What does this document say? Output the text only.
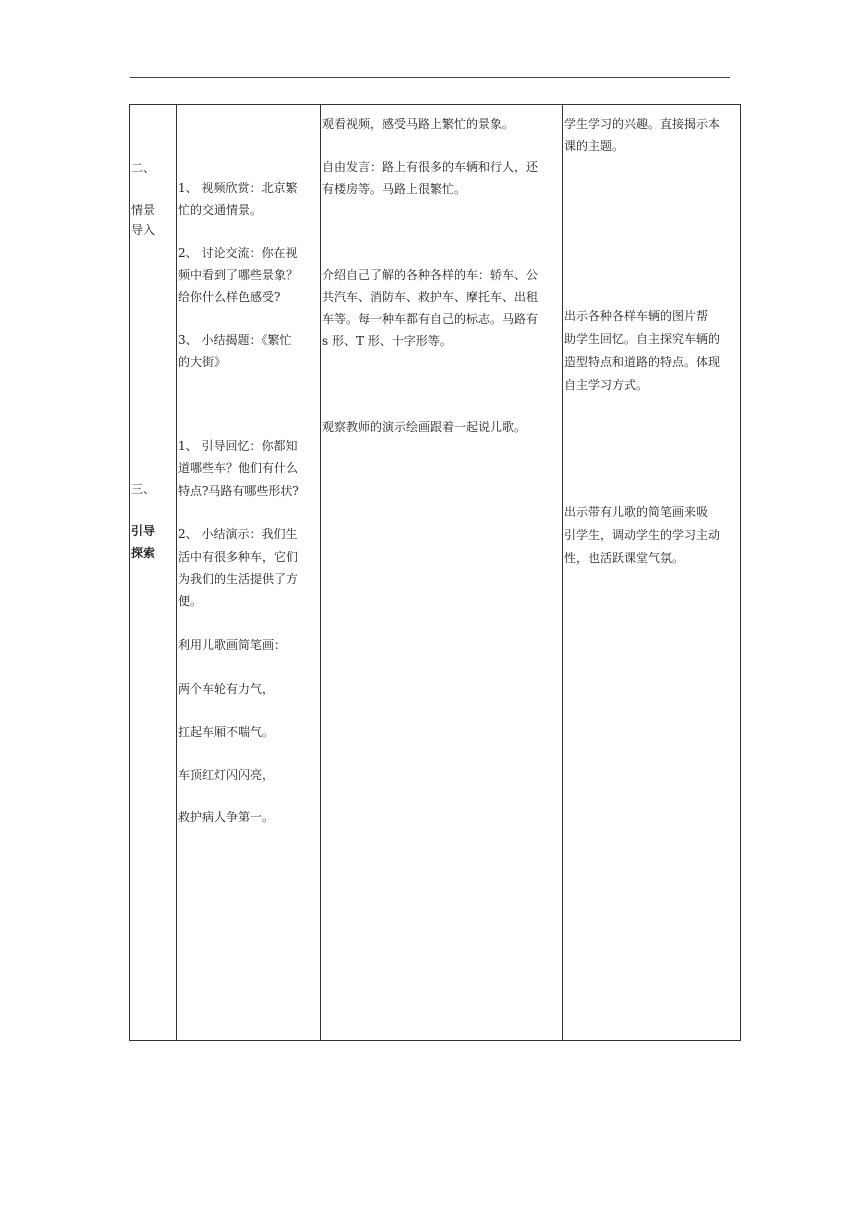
二、
情景
导入
三、
引导
探索
1、 视频欣赏：北京繁
忙的交通情景。
2、 讨论交流：你在视
频中看到了哪些景象？
给你什么样色感受?
3、 小结揭题：《繁忙
的大街》
1、 引导回忆：你都知
道哪些车？他们有什么
特点?马路有哪些形状?
2、 小结演示：我们生
活中有很多种车，它们
为我们的生活提供了方
便。
利用儿歌画简笔画：
两个车轮有力气，
扛起车厢不喘气。
车顶红灯闪闪亮，
救护病人争第一。
观看视频，感受马路上繁忙的景象。
自由发言：路上有很多的车辆和行人，还
有楼房等。马路上很繁忙。
介绍自己了解的各种各样的车：轿车、公
共汽车、消防车、救护车、摩托车、出租
车等。每一种车都有自己的标志。马路有
s 形、T 形、十字形等。
观察教师的演示绘画跟着一起说儿歌。
学生学习的兴趣。直接揭示本
课的主题。
出示各种各样车辆的图片帮
助学生回忆。自主探究车辆的
造型特点和道路的特点。体现
自主学习方式。
出示带有儿歌的简笔画来吸
引学生，调动学生的学习主动
性，也活跃课堂气氛。
